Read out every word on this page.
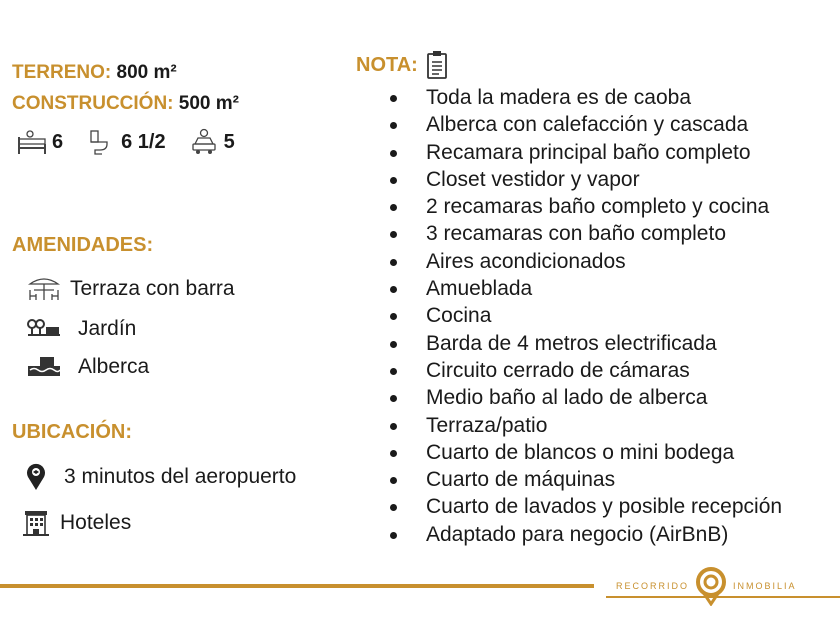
TERRENO: 800 m²
CONSTRUCCIÓN: 500 m²
6	6 1/2	5
AMENIDADES:
Terraza con barra
Jardín
Alberca
UBICACIÓN:
3 minutos del aeropuerto
Hoteles
NOTA:
Toda la madera es de caoba
Alberca con calefacción y cascada
Recamara principal baño completo
Closet vestidor y vapor
2 recamaras baño completo y cocina
3 recamaras con baño completo
Aires acondicionados
Amueblada
Cocina
Barda de 4 metros electrificada
Circuito cerrado de cámaras
Medio baño al lado de alberca
Terraza/patio
Cuarto de blancos o mini bodega
Cuarto de máquinas
Cuarto de lavados y posible recepción
Adaptado para negocio (AirBnB)
RECORRIDO	INMOBILIA
